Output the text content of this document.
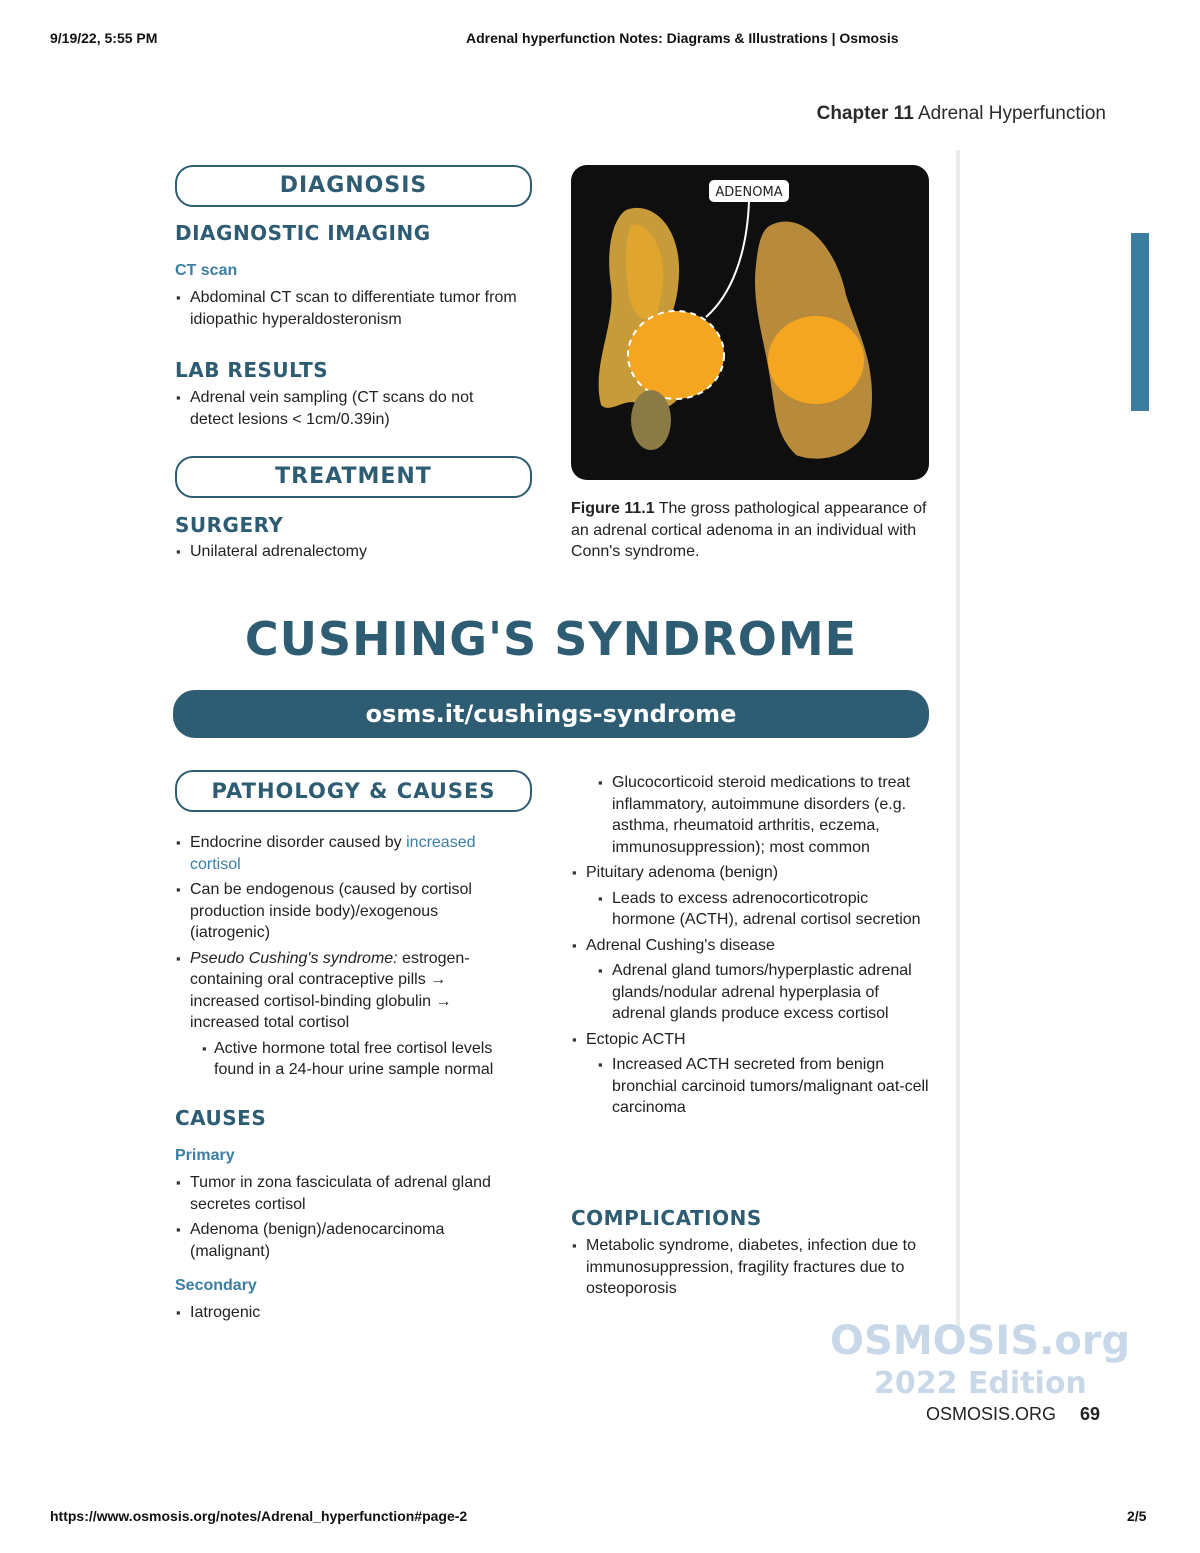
9/19/22, 5:55 PM	Adrenal hyperfunction Notes: Diagrams & Illustrations | Osmosis
Chapter 11 Adrenal Hyperfunction
DIAGNOSIS
DIAGNOSTIC IMAGING
CT scan
▪ Abdominal CT scan to differentiate tumor from idiopathic hyperaldosteronism
LAB RESULTS
▪ Adrenal vein sampling (CT scans do not detect lesions < 1cm/0.39in)
TREATMENT
SURGERY
▪ Unilateral adrenalectomy
ADENOMA
Figure 11.1 The gross pathological appearance of an adrenal cortical adenoma in an individual with Conn's syndrome.
CUSHING'S SYNDROME
osms.it/cushings-syndrome
PATHOLOGY & CAUSES
▪ Endocrine disorder caused by increased cortisol
▪ Can be endogenous (caused by cortisol production inside body)/exogenous (iatrogenic)
▪ Pseudo Cushing's syndrome: estrogen-containing oral contraceptive pills → increased cortisol-binding globulin → increased total cortisol
▪ Active hormone total free cortisol levels found in a 24-hour urine sample normal
CAUSES
Primary
▪ Tumor in zona fasciculata of adrenal gland secretes cortisol
▪ Adenoma (benign)/adenocarcinoma (malignant)
Secondary
▪ Iatrogenic
▪ Glucocorticoid steroid medications to treat inflammatory, autoimmune disorders (e.g. asthma, rheumatoid arthritis, eczema, immunosuppression); most common
▪ Pituitary adenoma (benign)
▪ Leads to excess adrenocorticotropic hormone (ACTH), adrenal cortisol secretion
▪ Adrenal Cushing's disease
▪ Adrenal gland tumors/hyperplastic adrenal glands/nodular adrenal hyperplasia of adrenal glands produce excess cortisol
▪ Ectopic ACTH
▪ Increased ACTH secreted from benign bronchial carcinoid tumors/malignant oat-cell carcinoma
COMPLICATIONS
▪ Metabolic syndrome, diabetes, infection due to immunosuppression, fragility fractures due to osteoporosis
OSMOSIS.org
2022 Edition
OSMOSIS.ORG 69
https://www.osmosis.org/notes/Adrenal_hyperfunction#page-2	2/5
